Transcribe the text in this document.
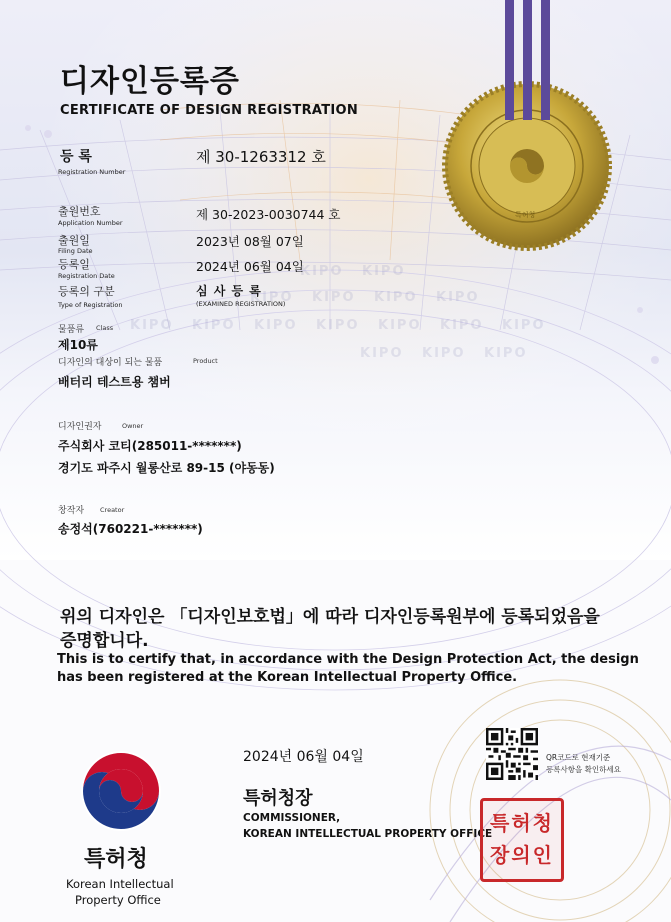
특허청
KIPO KIPO
KIPO KIPO KIPO KIPO
KIPO KIPO KIPO KIPO KIPO KIPO KIPO
KIPO KIPO KIPO
디자인등록증
CERTIFICATE OF DESIGN REGISTRATION
등 록
Registration Number
제 30-1263312 호
출원번호
Application Number
제 30-2023-0030744 호
출원일
Filing Date
2023년 08월 07일
등록일
Registration Date
2024년 06월 04일
등록의 구분
Type of Registration
심 사 등 록
(EXAMINED REGISTRATION)
물품류 Class
제10류
디자인의 대상이 되는 물품	Product
배터리 테스트용 챔버
디자인권자	Owner
주식회사 코티(285011-*******)
경기도 파주시 월롱산로 89-15 (야동동)
창작자 Creator
송정석(760221-*******)
위의 디자인은 「디자인보호법」에 따라 디자인등록원부에 등록되었음을
증명합니다.
This is to certify that, in accordance with the Design Protection Act, the design
has been registered at the Korean Intellectual Property Office.
2024년 06월 04일
특허청장
COMMISSIONER,
KOREAN INTELLECTUAL PROPERTY OFFICE
QR코드로 현재기준
등록사항을 확인하세요
특허청
장의인
특허청
Korean Intellectual
Property Office
